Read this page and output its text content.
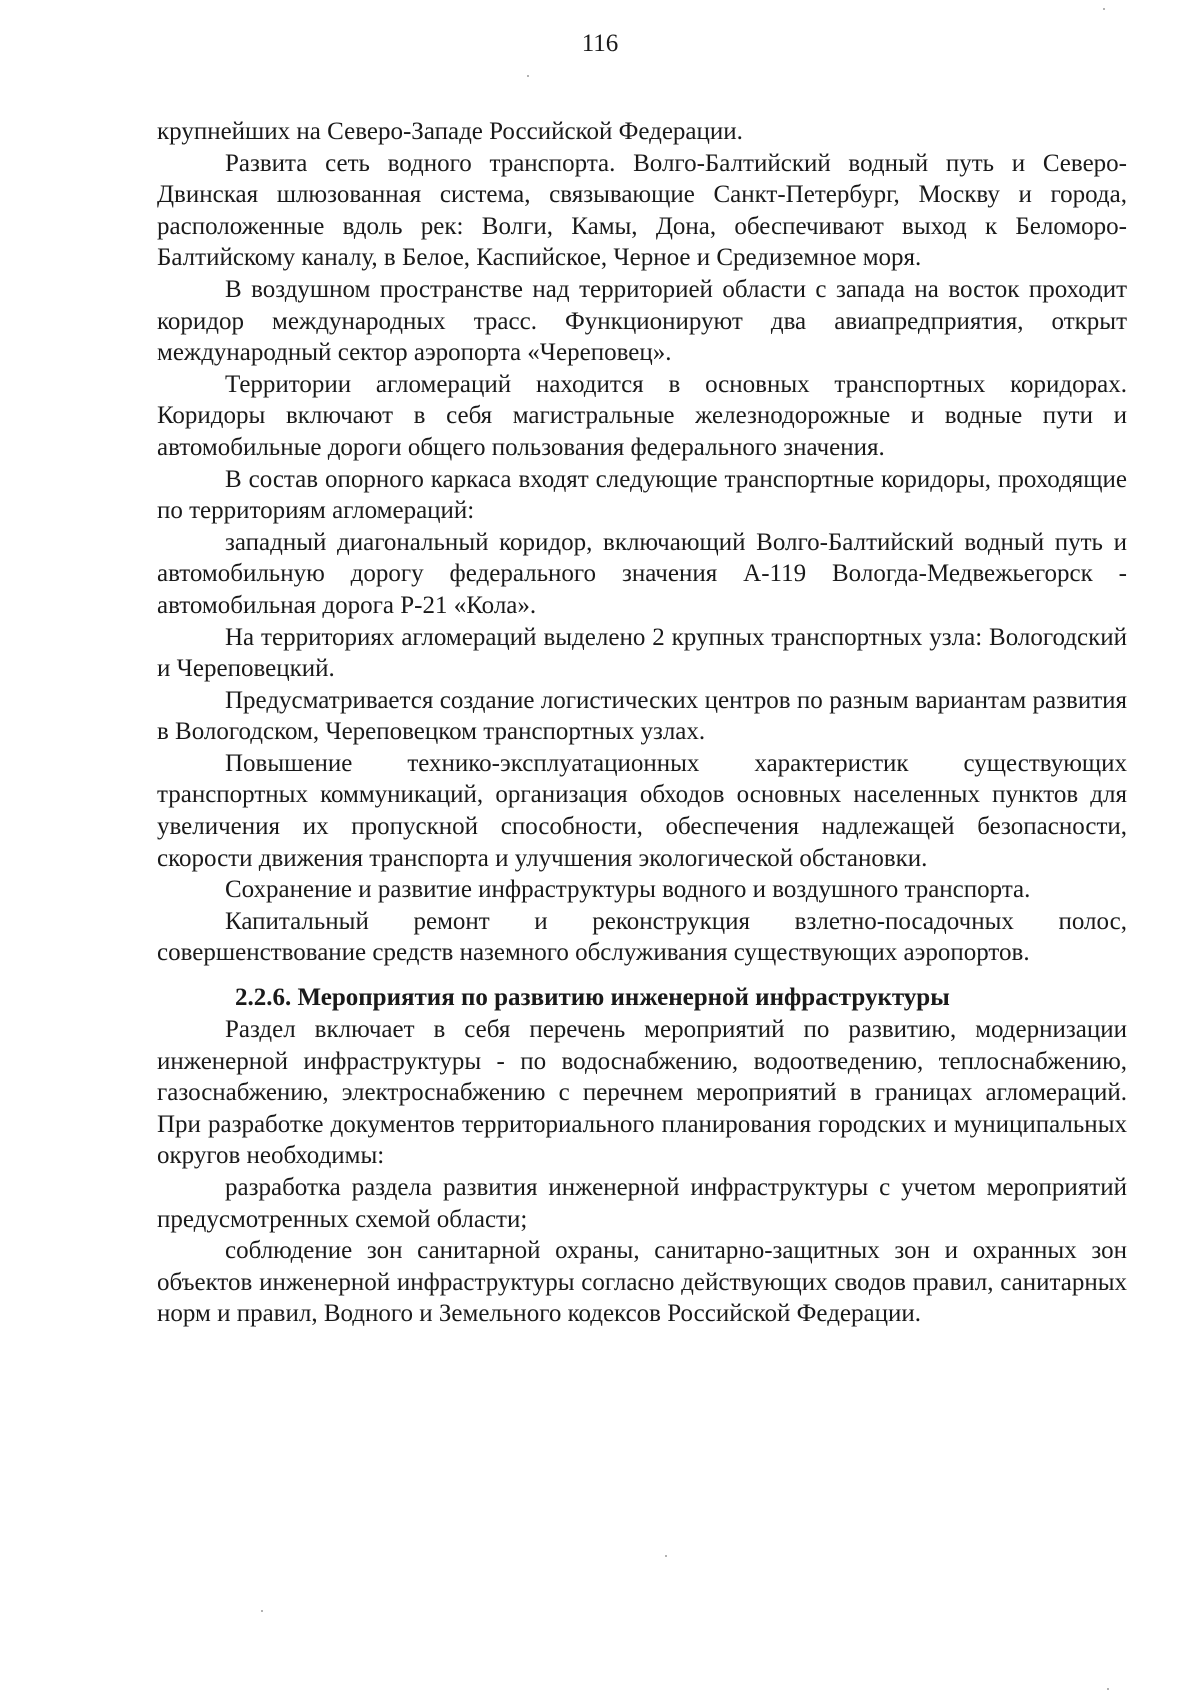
116

крупнейших на Северо-Западе Российской Федерации.

Развита сеть водного транспорта. Волго-Балтийский водный путь и Северо-Двинская шлюзованная система, связывающие Санкт-Петербург, Москву и города, расположенные вдоль рек: Волги, Камы, Дона, обеспечивают выход к Беломоро-Балтийскому каналу, в Белое, Каспийское, Черное и Средиземное моря.

В воздушном пространстве над территорией области с запада на восток проходит коридор международных трасс. Функционируют два авиапредприятия, открыт международный сектор аэропорта «Череповец».

Территории агломераций находится в основных транспортных коридорах. Коридоры включают в себя магистральные железнодорожные и водные пути и автомобильные дороги общего пользования федерального значения.

В состав опорного каркаса входят следующие транспортные коридоры, проходящие по территориям агломераций:

западный диагональный коридор, включающий Волго-Балтийский водный путь и автомобильную дорогу федерального значения А-119 Вологда-Медвежьегорск - автомобильная дорога Р-21 «Кола».

На территориях агломераций выделено 2 крупных транспортных узла: Вологодский и Череповецкий.

Предусматривается создание логистических центров по разным вариантам развития в Вологодском, Череповецком транспортных узлах.

Повышение технико-эксплуатационных характеристик существующих транспортных коммуникаций, организация обходов основных населенных пунктов для увеличения их пропускной способности, обеспечения надлежащей безопасности, скорости движения транспорта и улучшения экологической обстановки.

Сохранение и развитие инфраструктуры водного и воздушного транспорта.

Капитальный ремонт и реконструкция взлетно-посадочных полос, совершенствование средств наземного обслуживания существующих аэропортов.

2.2.6. Мероприятия по развитию инженерной инфраструктуры

Раздел включает в себя перечень мероприятий по развитию, модернизации инженерной инфраструктуры - по водоснабжению, водоотведению, теплоснабжению, газоснабжению, электроснабжению с перечнем мероприятий в границах агломераций. При разработке документов территориального планирования городских и муниципальных округов необходимы:

разработка раздела развития инженерной инфраструктуры с учетом мероприятий предусмотренных схемой области;

соблюдение зон санитарной охраны, санитарно-защитных зон и охранных зон объектов инженерной инфраструктуры согласно действующих сводов правил, санитарных норм и правил, Водного и Земельного кодексов Российской Федерации.
